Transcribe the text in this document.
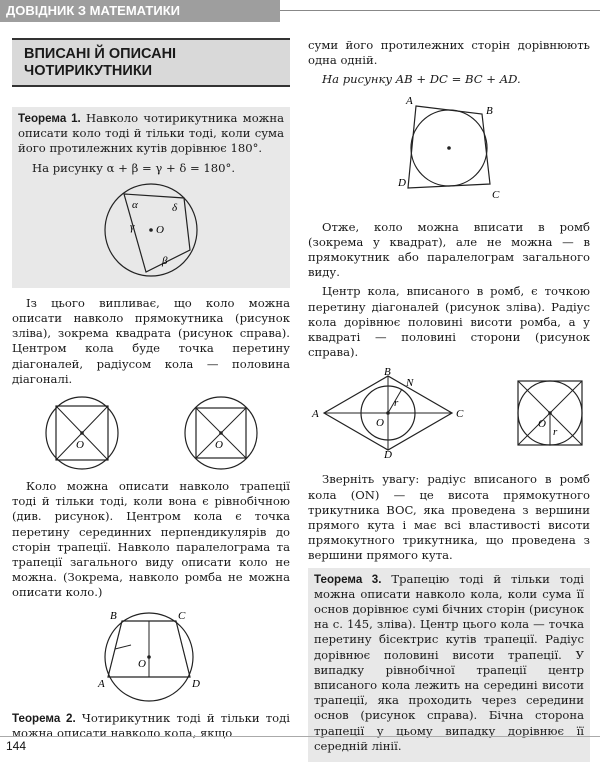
ДОВІДНИК З МАТЕМАТИКИ
ВПИСАНІ Й ОПИСАНІ
ЧОТИРИКУТНИКИ

Теорема 1. Навколо чотирикутника можна описати коло тоді й тільки тоді, коли сума його протилежних кутів дорівнює 180°.

На рисунку α + β = γ + δ = 180°.

O
α	δ
γ
β

Із цього випливає, що коло можна описати навколо прямокутника (рисунок зліва), зокрема квадрата (рисунок справа). Центром кола буде точка перетину діагоналей, радіусом кола — половина діагоналі.

O	O

Коло можна описати навколо трапеції тоді й тільки тоді, коли вона є рівнобічною (див. рисунок). Центром кола є точка перетину серединних перпендикулярів до сторін трапеції. Навколо паралелограма та трапеції загального виду описати коло не можна. (Зокрема, навколо ромба не можна описати коло.)

B	C
A	D
O

Теорема 2. Чотирикутник тоді й тільки тоді можна описати навколо кола, якщо

суми його протилежних сторін дорівнюють одна одній.

На рисунку AB + DC = BC + AD.

A
B
C
D

Отже, коло можна вписати в ромб (зокрема у квадрат), але не можна — в прямокутник або паралелограм загального виду.

Центр кола, вписаного в ромб, є точкою перетину діагоналей (рисунок зліва). Радіус кола дорівнює половині висоти ромба, а у квадраті — половині сторони (рисунок справа).

B
N
A	C
D
O
r
O
r

Зверніть увагу: радіус вписаного в ромб кола (ON) — це висота прямокутного трикутника BOC, яка проведена з вершини прямого кута і має всі властивості висоти прямокутного трикутника, що проведена з вершини прямого кута.

Теорема 3. Трапецію тоді й тільки тоді можна описати навколо кола, коли сума її основ дорівнює сумі бічних сторін (рисунок на с. 145, зліва). Центр цього кола — точка перетину бісектрис кутів трапеції. Радіус дорівнює половині висоти трапеції. У випадку рівнобічної трапеції центр вписаного кола лежить на середині висоти трапеції, яка проходить через середини основ (рисунок справа). Бічна сторона трапеції у цьому випадку дорівнює її середній лінії.

144
